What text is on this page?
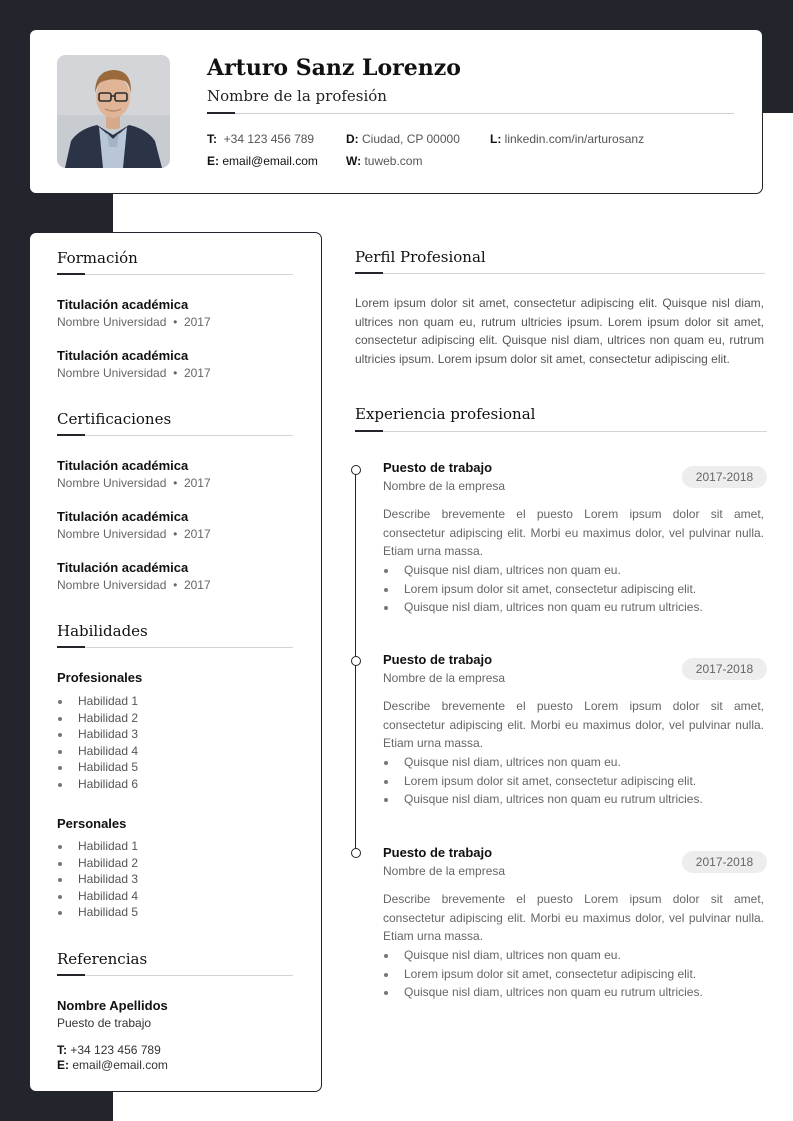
Arturo Sanz Lorenzo
Nombre de la profesión
T: +34 123 456 789	D: Ciudad, CP 00000	L: linkedin.com/in/arturosanz
E: email@email.com W: tuweb.com
Formación
Titulación académica
Nombre Universidad • 2017
Titulación académica
Nombre Universidad • 2017
Certificaciones
Titulación académica
Nombre Universidad • 2017
Titulación académica
Nombre Universidad • 2017
Titulación académica
Nombre Universidad • 2017
Habilidades
Profesionales
Habilidad 1
Habilidad 2
Habilidad 3
Habilidad 4
Habilidad 5
Habilidad 6
Personales
Habilidad 1
Habilidad 2
Habilidad 3
Habilidad 4
Habilidad 5
Referencias
Nombre Apellidos
Puesto de trabajo
T: +34 123 456 789
E: email@email.com
Perfil Profesional

Lorem ipsum dolor sit amet, consectetur adipiscing elit. Quisque nisl diam, ultrices non quam eu, rutrum ultricies ipsum. Lorem ipsum dolor sit amet, consectetur adipiscing elit. Quisque nisl diam, ultrices non quam eu, rutrum ultricies ipsum. Lorem ipsum dolor sit amet, consectetur adipiscing elit.

Experiencia profesional
Puesto de trabajo
Nombre de la empresa
2017-2018

Describe brevemente el puesto Lorem ipsum dolor sit amet, consectetur adipiscing elit. Morbi eu maximus dolor, vel pulvinar nulla. Etiam urna massa.

Quisque nisl diam, ultrices non quam eu.
Lorem ipsum dolor sit amet, consectetur adipiscing elit.
Quisque nisl diam, ultrices non quam eu rutrum ultricies.
Puesto de trabajo
Nombre de la empresa
2017-2018

Describe brevemente el puesto Lorem ipsum dolor sit amet, consectetur adipiscing elit. Morbi eu maximus dolor, vel pulvinar nulla. Etiam urna massa.

Quisque nisl diam, ultrices non quam eu.
Lorem ipsum dolor sit amet, consectetur adipiscing elit.
Quisque nisl diam, ultrices non quam eu rutrum ultricies.
Puesto de trabajo
Nombre de la empresa
2017-2018

Describe brevemente el puesto Lorem ipsum dolor sit amet, consectetur adipiscing elit. Morbi eu maximus dolor, vel pulvinar nulla. Etiam urna massa.

Quisque nisl diam, ultrices non quam eu.
Lorem ipsum dolor sit amet, consectetur adipiscing elit.
Quisque nisl diam, ultrices non quam eu rutrum ultricies.
